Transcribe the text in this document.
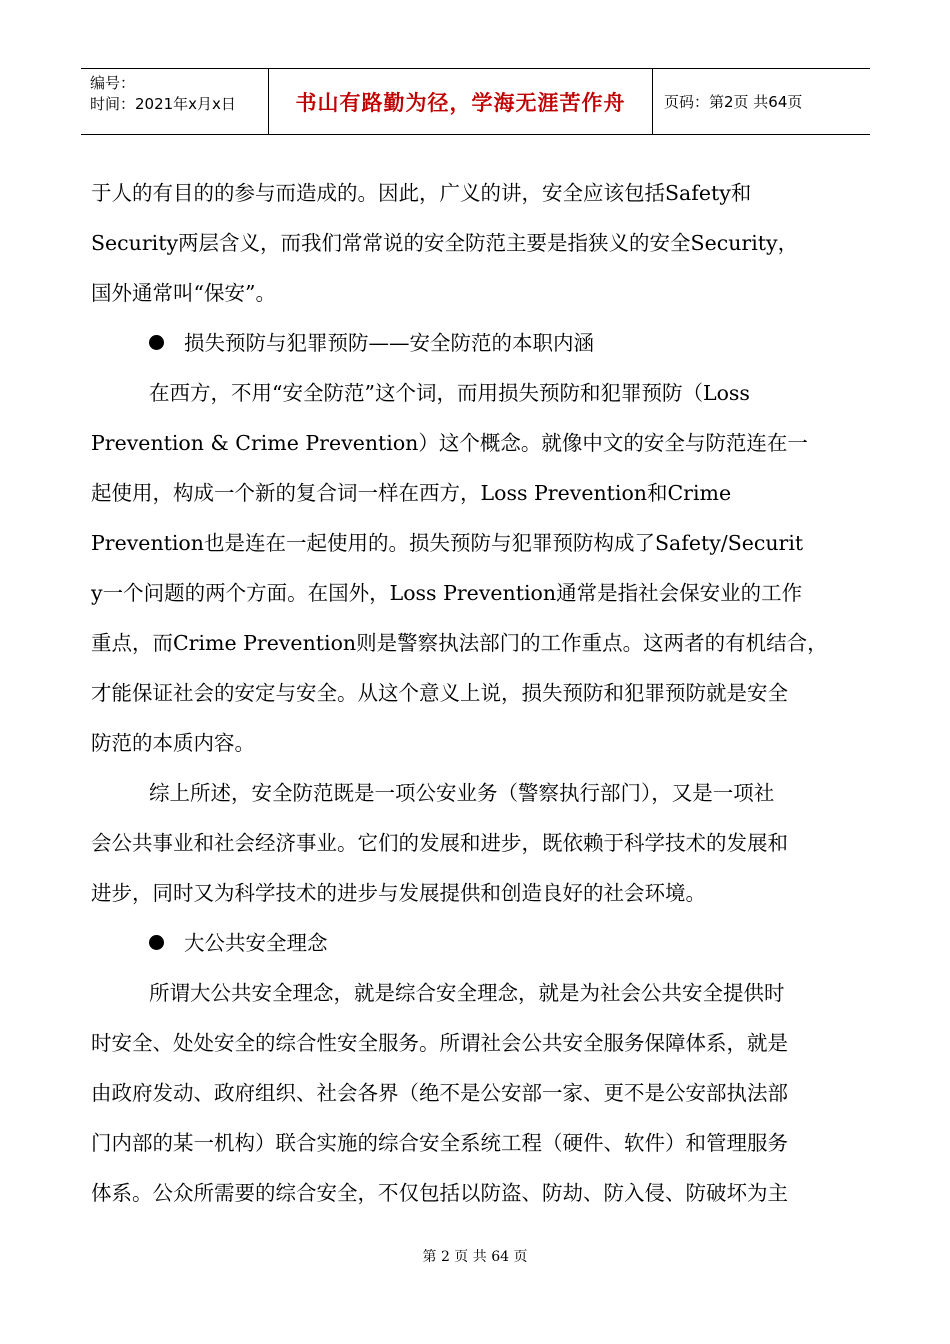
编号：
时间：2021年x月x日	书山有路勤为径，学海无涯苦作舟	页码：第2页 共64页
于人的有目的的参与而造成的。因此，广义的讲，安全应该包括Safety和
Security两层含义，而我们常常说的安全防范主要是指狭义的安全Security，
国外通常叫“保安”。
损失预防与犯罪预防——安全防范的本职内涵
在西方，不用“安全防范”这个词，而用损失预防和犯罪预防（Loss
Prevention & Crime Prevention）这个概念。就像中文的安全与防范连在一
起使用，构成一个新的复合词一样在西方，Loss Prevention和Crime
Prevention也是连在一起使用的。损失预防与犯罪预防构成了Safety/Securit
y一个问题的两个方面。在国外，Loss Prevention通常是指社会保安业的工作
重点，而Crime Prevention则是警察执法部门的工作重点。这两者的有机结合，
才能保证社会的安定与安全。从这个意义上说，损失预防和犯罪预防就是安全
防范的本质内容。
综上所述，安全防范既是一项公安业务（警察执行部门），又是一项社
会公共事业和社会经济事业。它们的发展和进步，既依赖于科学技术的发展和
进步，同时又为科学技术的进步与发展提供和创造良好的社会环境。
大公共安全理念
所谓大公共安全理念，就是综合安全理念，就是为社会公共安全提供时
时安全、处处安全的综合性安全服务。所谓社会公共安全服务保障体系，就是
由政府发动、政府组织、社会各界（绝不是公安部一家、更不是公安部执法部
门内部的某一机构）联合实施的综合安全系统工程（硬件、软件）和管理服务
体系。公众所需要的综合安全，不仅包括以防盗、防劫、防入侵、防破坏为主
第 2 页 共 64 页
